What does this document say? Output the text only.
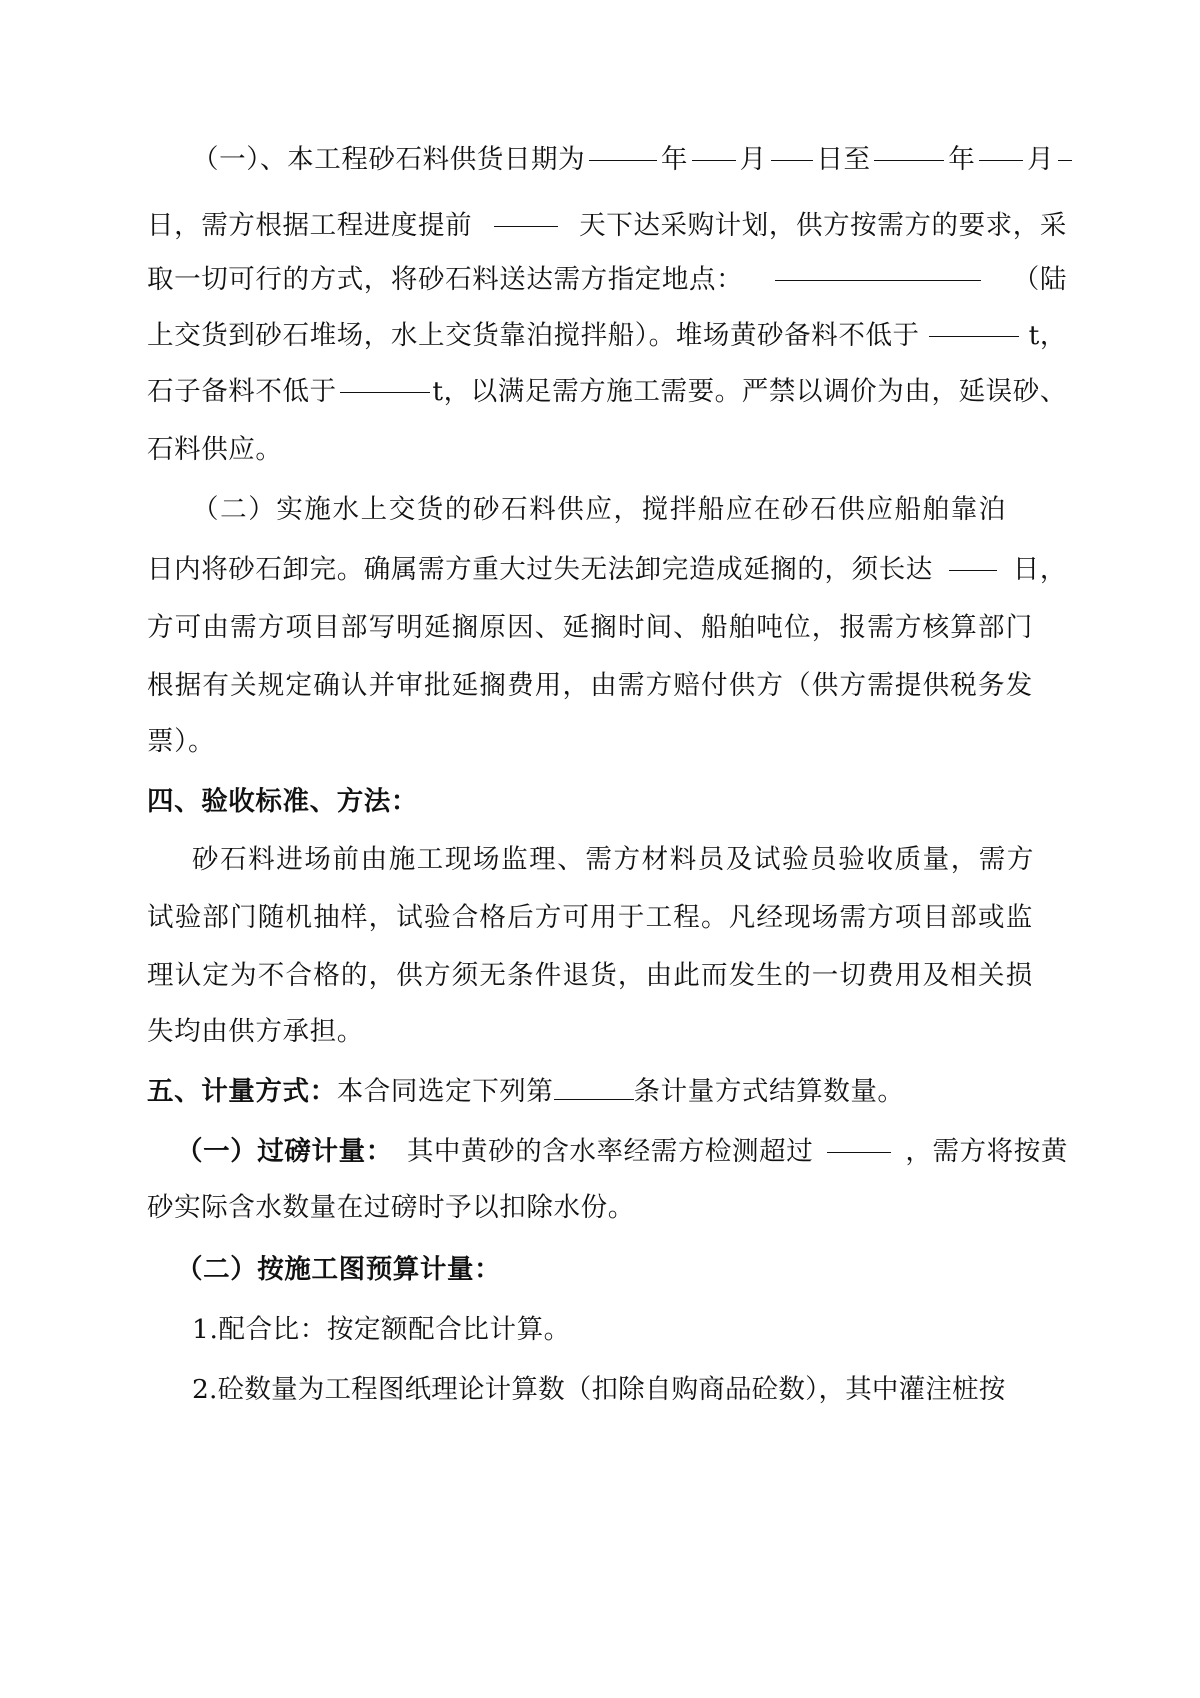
（一）、本工程砂石料供货日期为	年 月 日至	年 月
日，需方根据工程进度提前	天下达采购计划，供方按需方的要求，采
取一切可行的方式，将砂石料送达需方指定地点：	（陆
上交货到砂石堆场，水上交货靠泊搅拌船）。堆场黄砂备料不低于	t，
石子备料不低于	t，以满足需方施工需要。严禁以调价为由，延误砂、
石料供应。
（二）实施水上交货的砂石料供应，搅拌船应在砂石供应船舶靠泊
日内将砂石卸完。确属需方重大过失无法卸完造成延搁的，须长达	日，
方可由需方项目部写明延搁原因、延搁时间、船舶吨位，报需方核算部门
根据有关规定确认并审批延搁费用，由需方赔付供方（供方需提供税务发
票）。
四、验收标准、方法：
砂石料进场前由施工现场监理、需方材料员及试验员验收质量，需方
试验部门随机抽样，试验合格后方可用于工程。凡经现场需方项目部或监
理认定为不合格的，供方须无条件退货，由此而发生的一切费用及相关损
失均由供方承担。
五、计量方式：本合同选定下列第	条计量方式结算数量。
（一）过磅计量： 其中黄砂的含水率经需方检测超过	，需方将按黄
砂实际含水数量在过磅时予以扣除水份。
（二）按施工图预算计量：
1.配合比：按定额配合比计算。
2.砼数量为工程图纸理论计算数（扣除自购商品砼数），其中灌注桩按
